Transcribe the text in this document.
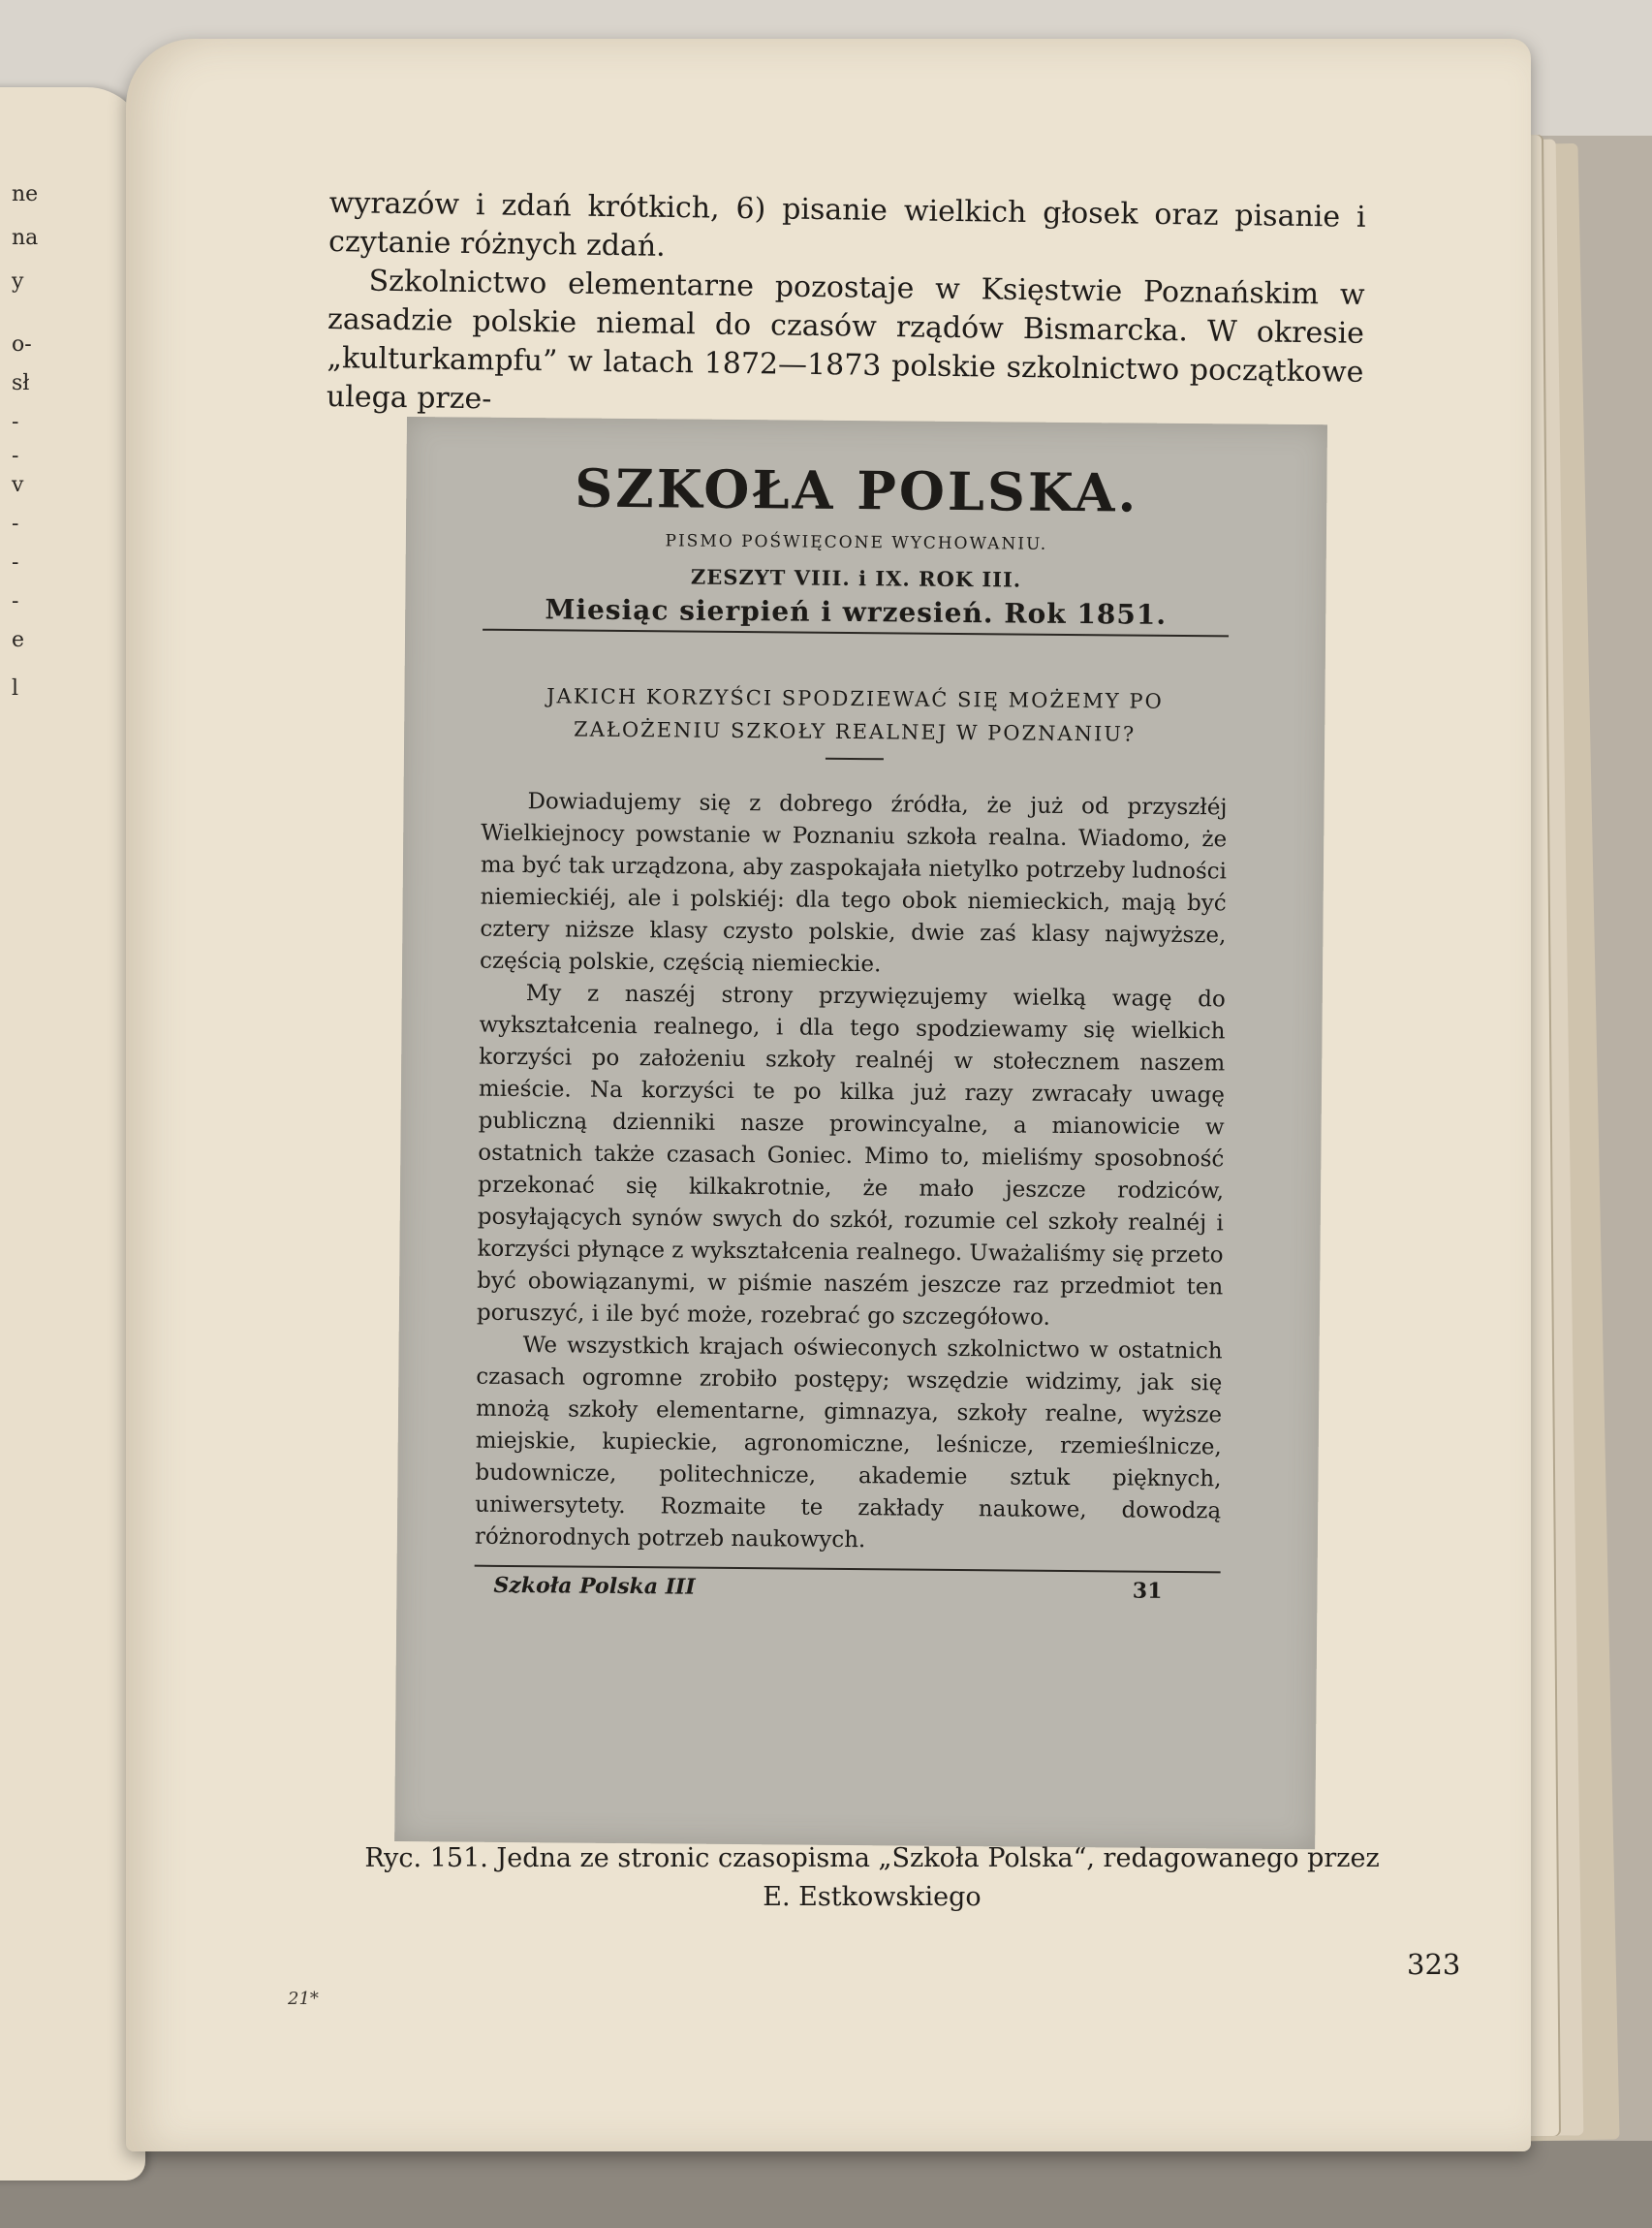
ne
na
y
o-
sł
-
-
v
-
-
-
e
l

wyrazów i zdań krótkich, 6) pisanie wielkich głosek oraz pisanie i czytanie różnych zdań.

Szkolnictwo elementarne pozostaje w Księstwie Poznańskim w zasadzie polskie niemal do czasów rządów Bismarcka. W okresie „kulturkampfu” w latach 1872—1873 polskie szkolnictwo początkowe ulega prze-

SZKOŁA POLSKA.
PISMO POŚWIĘCONE WYCHOWANIU.
ZESZYT VIII. i IX. ROK III.
Miesiąc sierpień i wrzesień. Rok 1851.
JAKICH KORZYŚCI SPODZIEWAĆ SIĘ MOŻEMY PO ZAŁOŻENIU SZKOŁY REALNEJ W POZNANIU?

Dowiadujemy się z dobrego źródła, że już od przyszłéj Wielkiejnocy powstanie w Poznaniu szkoła realna. Wiadomo, że ma być tak urządzona, aby zaspokajała nietylko potrzeby ludności niemieckiéj, ale i polskiéj: dla tego obok niemieckich, mają być cztery niższe klasy czysto polskie, dwie zaś klasy najwyższe, częścią polskie, częścią niemieckie.

My z naszéj strony przywięzujemy wielką wagę do wykształcenia realnego, i dla tego spodziewamy się wielkich korzyści po założeniu szkoły realnéj w stołecznem naszem mieście. Na korzyści te po kilka już razy zwracały uwagę publiczną dzienniki nasze prowincyalne, a mianowicie w ostatnich także czasach Goniec. Mimo to, mieliśmy sposobność przekonać się kilkakrotnie, że mało jeszcze rodziców, posyłających synów swych do szkół, rozumie cel szkoły realnéj i korzyści płynące z wykształcenia realnego. Uważaliśmy się przeto być obowiązanymi, w piśmie naszém jeszcze raz przedmiot ten poruszyć, i ile być może, rozebrać go szczegółowo.

We wszystkich krajach oświeconych szkolnictwo w ostatnich czasach ogromne zrobiło postępy; wszędzie widzimy, jak się mnożą szkoły elementarne, gimnazya, szkoły realne, wyższe miejskie, kupieckie, agronomiczne, leśnicze, rzemieślnicze, budownicze, politechnicze, akademie sztuk pięknych, uniwersytety. Rozmaite te zakłady naukowe, dowodzą różnorodnych potrzeb naukowych.

Szkoła Polska III	31
Ryc. 151. Jedna ze stronic czasopisma „Szkoła Polska“, redagowanego przez
E. Estkowskiego
21*
323
